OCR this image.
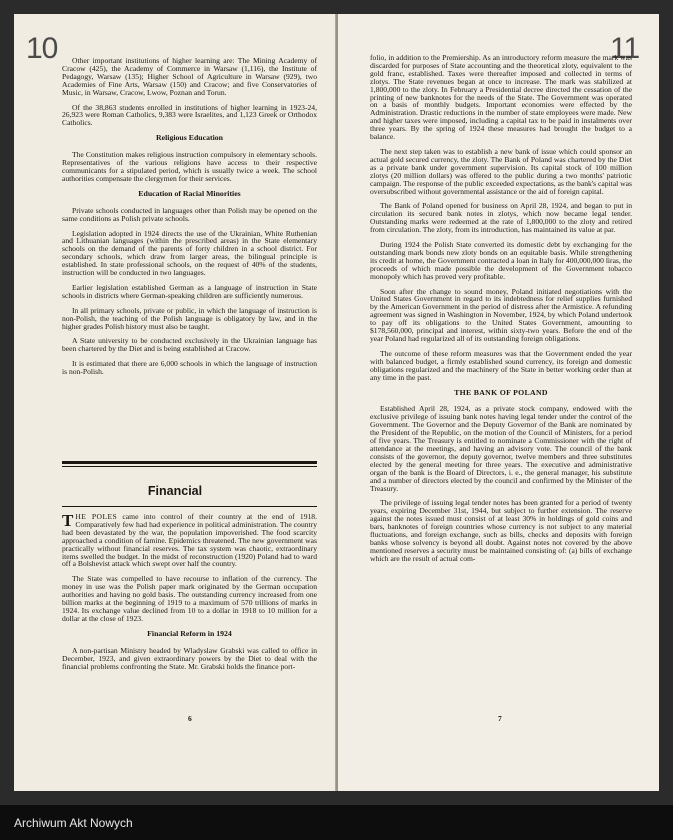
10	Other important institutions of higher learning are: The Mining Academy of Cracow (425), the Academy of Commerce in Warsaw (1,116), the Institute of Pedagogy, Warsaw (135); Higher School of Agriculture in Warsaw (929), two Academies of Fine Arts, Warsaw (150) and Cracow; and five Conservatories of Music, in Warsaw, Cracow, Lwow, Poznan and Torun.

Of the 38,863 students enrolled in institutions of higher learning in 1923-24, 26,923 were Roman Catholics, 9,383 were Israelites, and 1,123 Greek or Orthodox Catholics.

Religious Education

The Constitution makes religious instruction compulsory in elementary schools. Representatives of the various religions have access to their respective communicants for a stipulated period, which is usually twice a week. The school authorities compensate the clergymen for their services.

Education of Racial Minorities

Private schools conducted in languages other than Polish may be opened on the same conditions as Polish private schools.

Legislation adopted in 1924 directs the use of the Ukrainian, White Ruthenian and Lithuanian languages (within the prescribed areas) in the State elementary schools on the demand of the parents of forty children in a school district. For secondary schools, which draw from larger areas, the bilingual principle is established. In state professional schools, on the request of 40% of the students, instruction will be conducted in two languages.

Earlier legislation established German as a language of instruction in State schools in districts where German-speaking children are sufficiently numerous.

In all primary schools, private or public, in which the language of instruction is non-Polish, the teaching of the Polish language is obligatory by law, and in the higher grades Polish history must also be taught.

A State university to be conducted exclusively in the Ukrainian language has been chartered by the Diet and is being established at Cracow.

It is estimated that there are 6,000 schools in which the language of instruction is non-Polish.

Financial

THE POLES came into control of their country at the end of 1918. Comparatively few had had experience in political administration. The country had been devastated by the war, the population impoverished. The food scarcity approached a condition of famine. Epidemics threatened. The new government was practically without financial reserves. The tax system was chaotic, extraordinary items swelled the budget. In the midst of reconstruction (1920) Poland had to ward off a Bolshevist attack which swept over half the country.

The State was compelled to have recourse to inflation of the currency. The money in use was the Polish paper mark originated by the German occupation authorities and having no gold basis. The outstanding currency increased from one billion marks at the beginning of 1919 to a maximum of 570 trillions of marks in 1924. Its exchange value declined from 10 to a dollar in 1918 to 10 million for a dollar at the close of 1923.

Financial Reform in 1924

A non-partisan Ministry headed by Wladyslaw Grabski was called to office in December, 1923, and given extraordinary powers by the Diet to deal with the financial problems confronting the State. Mr. Grabski holds the finance port-

6
11

folio, in addition to the Premiership. As an introductory reform measure the mark was discarded for purposes of State accounting and the theoretical zloty, equivalent to the gold franc, established. Taxes were thereafter imposed and collected in terms of zlotys. The State revenues began at once to increase. The mark was stabilized at 1,800,000 to the zloty. In February a Presidential decree directed the cessation of the printing of new banknotes for the needs of the State. The Government was operated on a basis of monthly budgets. Important economies were effected by the Administration. Drastic reductions in the number of state employees were made. New and higher taxes were imposed, including a capital tax to be paid in instalments over three years. By the spring of 1924 these measures had brought the budget to a balance.

The next step taken was to establish a new bank of issue which could sponsor an actual gold secured currency, the zloty. The Bank of Poland was chartered by the Diet as a private bank under government supervision. Its capital stock of 100 million zlotys (20 million dollars) was offered to the public during a two months' patriotic campaign. The response of the public exceeded expectations, as the bank's capital was oversubscribed without governmental assistance or the aid of foreign capital.

The Bank of Poland opened for business on April 28, 1924, and began to put in circulation its secured bank notes in zlotys, which now became legal tender. Outstanding marks were redeemed at the rate of 1,800,000 to the zloty and retired from circulation. The zloty, from its introduction, has maintained its value at par.

During 1924 the Polish State converted its domestic debt by exchanging for the outstanding mark bonds new zloty bonds on an equitable basis. While strengthening its credit at home, the Government contracted a loan in Italy for 400,000,000 liras, the proceeds of which made possible the development of the Government tobacco monopoly which has proved very profitable.

Soon after the change to sound money, Poland initiated negotiations with the United States Government in regard to its indebtedness for relief supplies furnished by the American Government in the period of distress after the Armistice. A refunding agreement was signed in Washington in November, 1924, by which Poland undertook to pay off its obligations to the United States Government, amounting to $178,560,000, principal and interest, within sixty-two years. Before the end of the year Poland had regularized all of its outstanding foreign obligations.

The outcome of these reform measures was that the Government ended the year with balanced budget, a firmly established sound currency, its foreign and domestic obligations regularized and the machinery of the State in better working order than at any time in the past.

THE BANK OF POLAND

Established April 28, 1924, as a private stock company, endowed with the exclusive privilege of issuing bank notes having legal tender under the control of the Government. The Governor and the Deputy Governor of the Bank are nominated by the President of the Republic, on the motion of the Council of Ministers, for a period of five years. The Treasury is entitled to nominate a Commissioner with the right of attendance at the meetings, and having an advisory vote. The council of the bank consists of the governor, the deputy governor, twelve members and three substitutes elected by the general meeting for three years. The executive and administrative organ of the bank is the Board of Directors, i. e., the general manager, his substitute and a number of directors elected by the council and confirmed by the Minister of the Treasury.

The privilege of issuing legal tender notes has been granted for a period of twenty years, expiring December 31st, 1944, but subject to further extension. The reserve against the notes issued must consist of at least 30% in holdings of gold coins and bars, banknotes of foreign countries whose currency is not subject to any material fluctuations, and foreign exchange, such as bills, checks and deposits with foreign banks whose solvency is beyond all doubt. Against notes not covered by the above mentioned reserves a security must be maintained consisting of: (a) bills of exchange which are the result of actual com-

7
Archiwum Akt Nowych
